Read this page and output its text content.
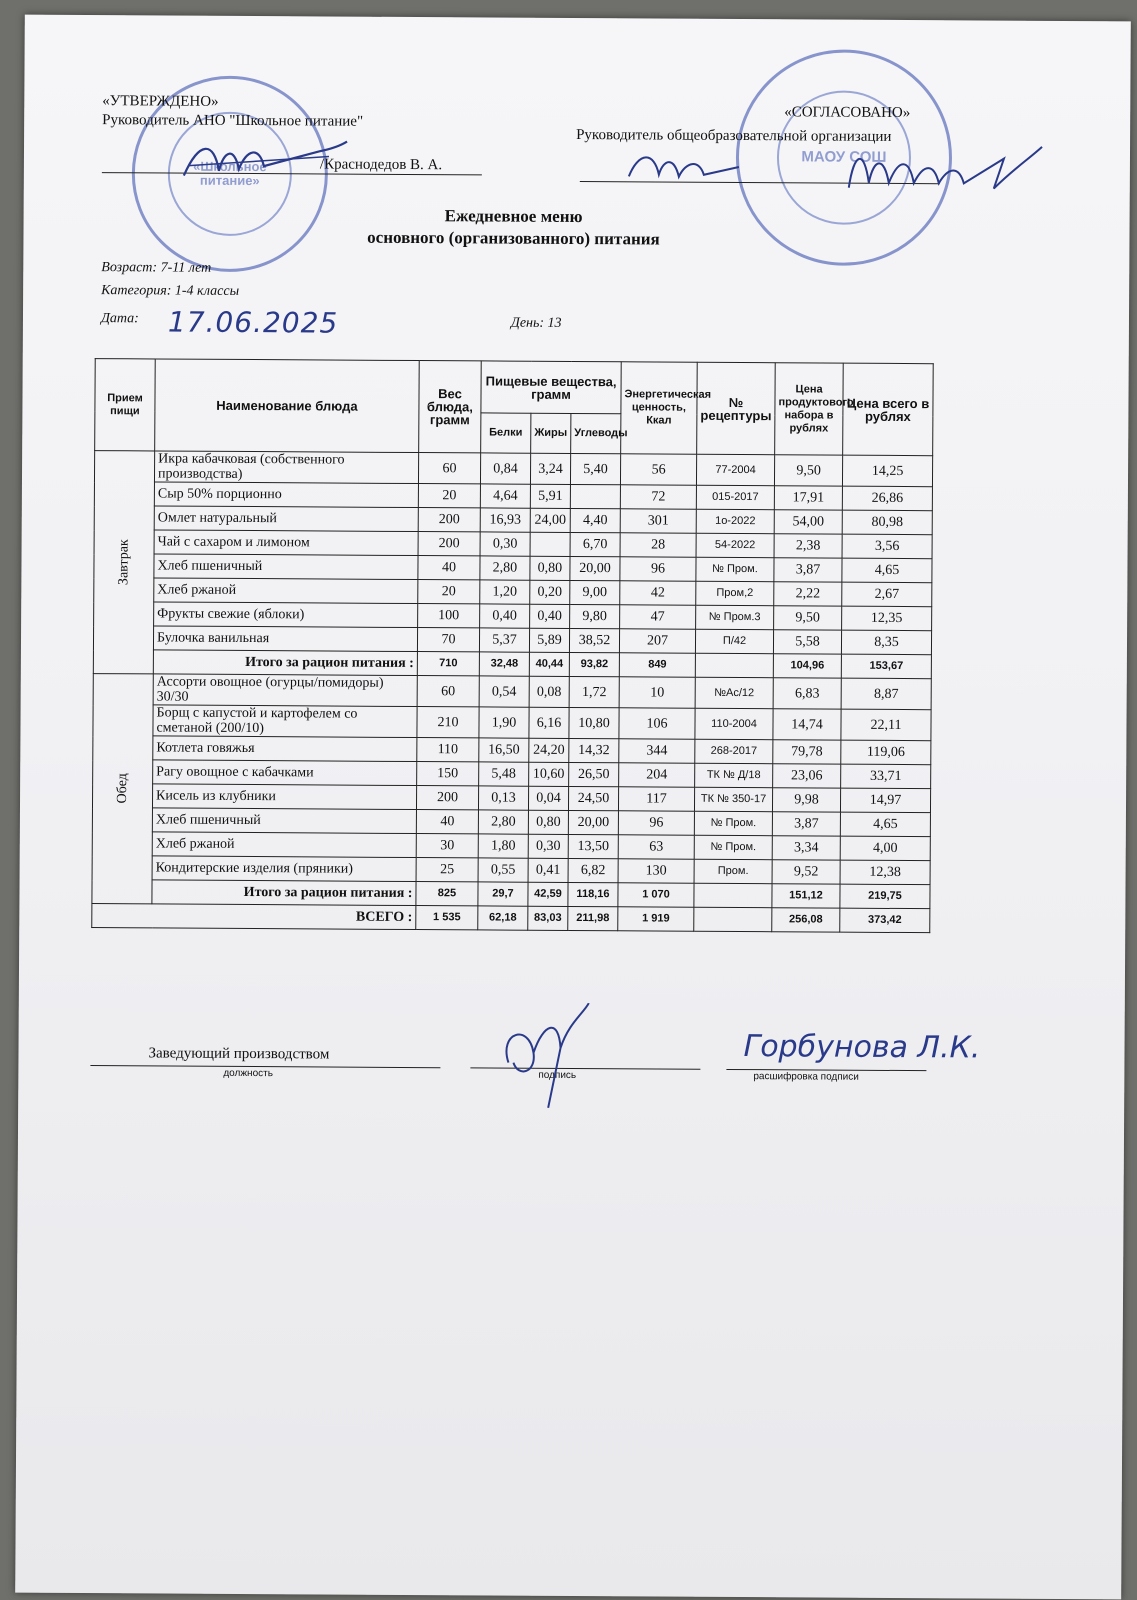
«Школьное питание»
МАОУ СОШ
«УТВЕРЖДЕНО»
Руководитель АНО "Школьное питание"
/Краснодедов В. А.
«СОГЛАСОВАНО»
Руководитель общеобразовательной организации
Ежедневное меню
основного (организованного) питания
Возраст: 7-11 лет
Категория: 1-4 классы
Дата: 17.06.2025	День: 13
Прием пищи	Наименование блюда	Вес блюда, грамм	Пищевые вещества, грамм			Энергетическая ценность, Ккал	№ рецептуры	Цена продуктового набора в рублях	Цена всего в рублях
			Белки	Жиры	Углеводы				

Завтрак	Икра кабачковая (собственного производства)	60	0,84	3,24	5,40	56	77-2004	9,50	14,25
	Сыр 50% порционно	20	4,64	5,91		72	015-2017	17,91	26,86
	Омлет натуральный	200	16,93	24,00	4,40	301	1о-2022	54,00	80,98
	Чай с сахаром и лимоном	200	0,30		6,70	28	54-2022	2,38	3,56
	Хлеб пшеничный	40	2,80	0,80	20,00	96	№ Пром.	3,87	4,65
	Хлеб ржаной	20	1,20	0,20	9,00	42	Пром,2	2,22	2,67
	Фрукты свежие (яблоки)	100	0,40	0,40	9,80	47	№ Пром.3	9,50	12,35
	Булочка ванильная	70	5,37	5,89	38,52	207	П/42	5,58	8,35
	Итого за рацион питания :	710	32,48	40,44	93,82	849		104,96	153,67

Обед	Ассорти овощное (огурцы/помидоры) 30/30	60	0,54	0,08	1,72	10	№Ас/12	6,83	8,87
	Борщ с капустой и картофелем со сметаной (200/10)	210	1,90	6,16	10,80	106	110-2004	14,74	22,11
	Котлета говяжья	110	16,50	24,20	14,32	344	268-2017	79,78	119,06
	Рагу овощное с кабачками	150	5,48	10,60	26,50	204	ТК № Д/18	23,06	33,71
	Кисель из клубники	200	0,13	0,04	24,50	117	ТК № 350-17	9,98	14,97
	Хлеб пшеничный	40	2,80	0,80	20,00	96	№ Пром.	3,87	4,65
	Хлеб ржаной	30	1,80	0,30	13,50	63	№ Пром.	3,34	4,00
	Кондитерские изделия (пряники)	25	0,55	0,41	6,82	130	Пром.	9,52	12,38
	Итого за рацион питания :	825	29,7	42,59	118,16	1 070		151,12	219,75
ВСЕГО :		1 535	62,18	83,03	211,98	1 919		256,08	373,42
Заведующий производством
должность	подпись	расшифровка подписи
Горбунова Л.К.
